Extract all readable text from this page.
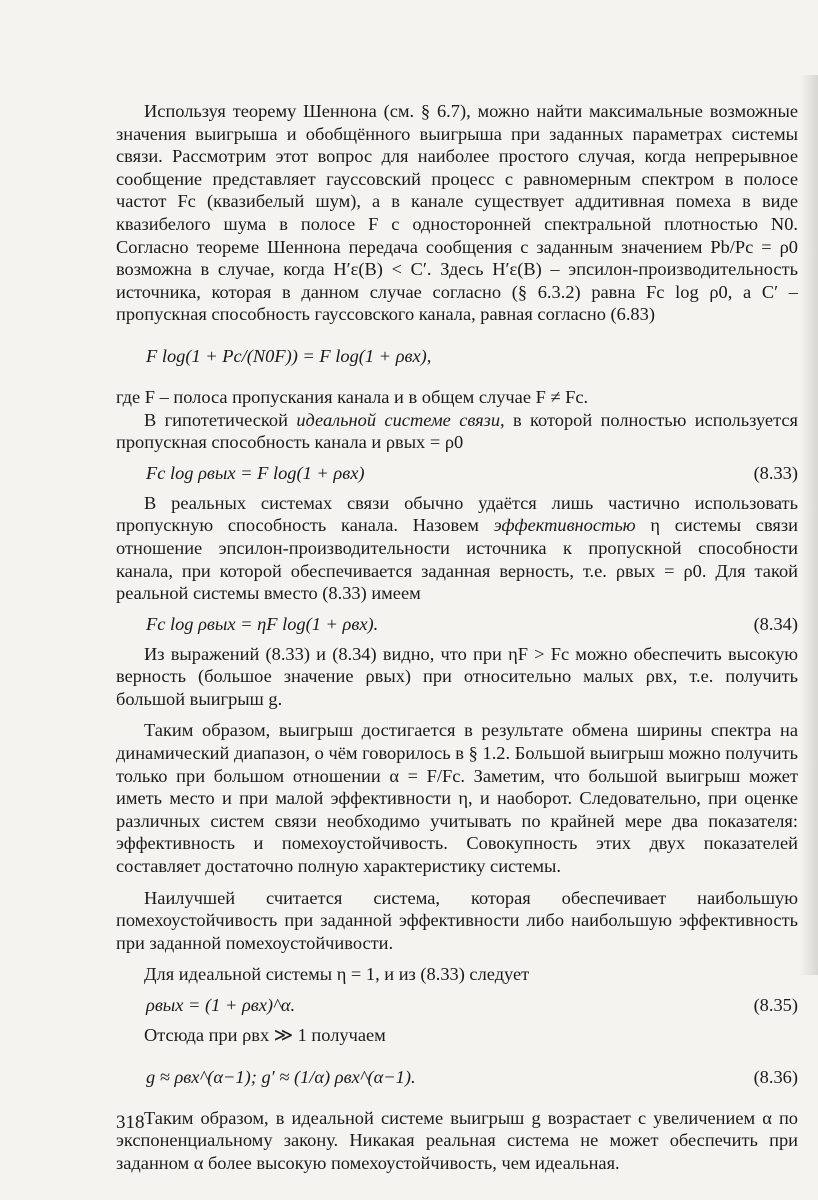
Используя теорему Шеннона (см. § 6.7), можно найти максимальные возможные значения выигрыша и обобщённого выигрыша при заданных параметрах системы связи. Рассмотрим этот вопрос для наиболее простого случая, когда непрерывное сообщение представляет гауссовский процесс с равномерным спектром в полосе частот Fc (квазибелый шум), а в канале существует аддитивная помеха в виде квазибелого шума в полосе F с односторонней спектральной плотностью N0. Согласно теореме Шеннона передача сообщения с заданным значением Pb/Pc = ρ0 возможна в случае, когда H′ε(B) < C′. Здесь H′ε(B) – эпсилон-производительность источника, которая в данном случае согласно (§ 6.3.2) равна Fc log ρ0, а C′ – пропускная способность гауссовского канала, равная согласно (6.83)

F log(1 + Pc/(N0F)) = F log(1 + ρвх),

где F – полоса пропускания канала и в общем случае F ≠ Fc.

В гипотетической идеальной системе связи, в которой полностью используется пропускная способность канала и ρвых = ρ0

Fc log ρвых = F log(1 + ρвх)	(8.33)

В реальных системах связи обычно удаётся лишь частично использовать пропускную способность канала. Назовем эффективностью η системы связи отношение эпсилон-производительности источника к пропускной способности канала, при которой обеспечивается заданная верность, т.е. ρвых = ρ0. Для такой реальной системы вместо (8.33) имеем

Fc log ρвых = ηF log(1 + ρвх).	(8.34)

Из выражений (8.33) и (8.34) видно, что при ηF > Fc можно обеспечить высокую верность (большое значение ρвых) при относительно малых ρвх, т.е. получить большой выигрыш g.

Таким образом, выигрыш достигается в результате обмена ширины спектра на динамический диапазон, о чём говорилось в § 1.2. Большой выигрыш можно получить только при большом отношении α = F/Fc. Заметим, что большой выигрыш может иметь место и при малой эффективности η, и наоборот. Следовательно, при оценке различных систем связи необходимо учитывать по крайней мере два показателя: эффективность и помехоустойчивость. Совокупность этих двух показателей составляет достаточно полную характеристику системы.

Наилучшей считается система, которая обеспечивает наибольшую помехоустойчивость при заданной эффективности либо наибольшую эффективность при заданной помехоустойчивости.

Для идеальной системы η = 1, и из (8.33) следует

ρвых = (1 + ρвх)^α.	(8.35)

Отсюда при ρвх ≫ 1 получаем

g ≈ ρвх^(α−1); g′ ≈ (1/α) ρвх^(α−1).	(8.36)

Таким образом, в идеальной системе выигрыш g возрастает с увеличением α по экспоненциальному закону. Никакая реальная система не может обеспечить при заданном α более высокую помехоустойчивость, чем идеальная.

318
